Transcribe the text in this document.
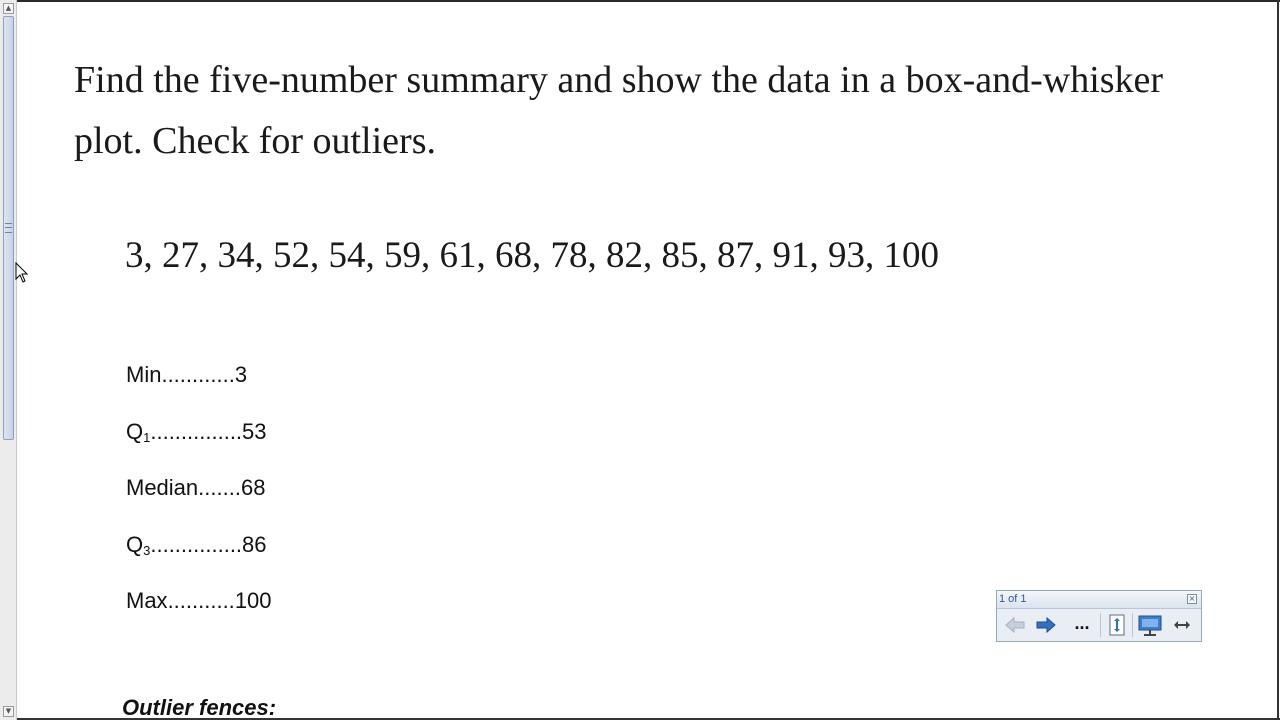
▲
▼
Find the five-number summary and show the data in a box-and-whisker plot. Check for outliers.
3, 27, 34, 52, 54, 59, 61, 68, 78, 82, 85, 87, 91, 93, 100
Min............3
$Q_1...............53$
Median.......68
$Q_3...............86$
Max...........100
Outlier fences:
1 of 1	×
...
